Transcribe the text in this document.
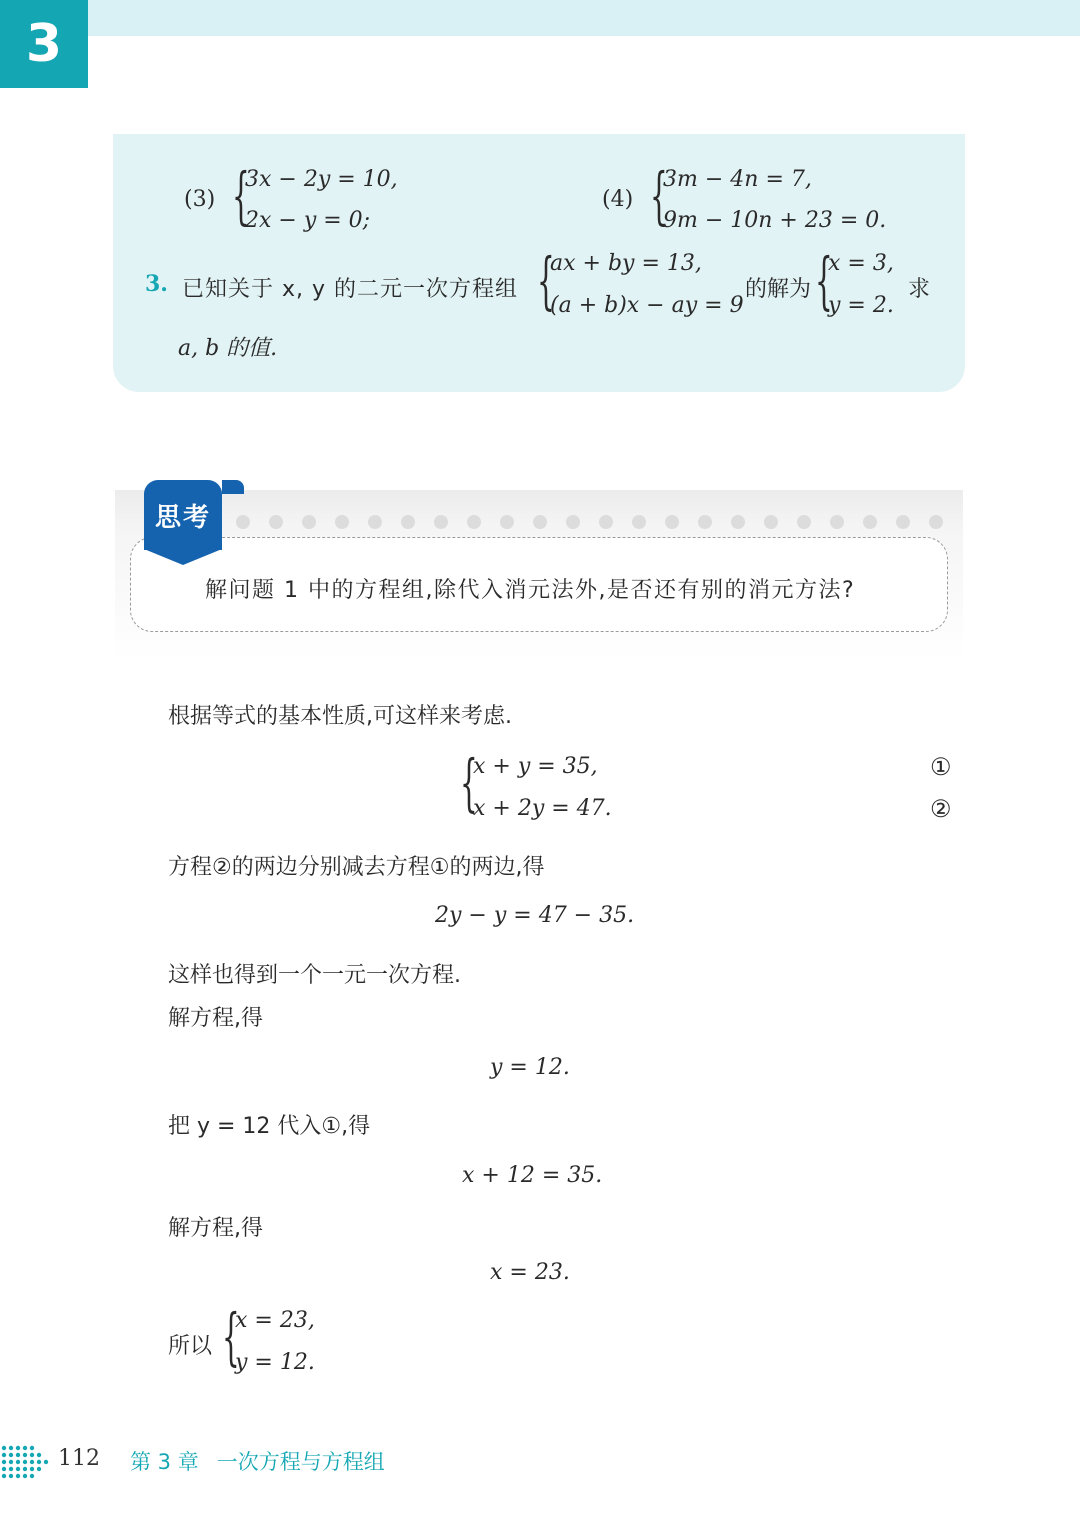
3
(3) {
3x − 2y = 10,
2x − y = 0;
(4) {
3m − 4n = 7,
9m − 10n + 23 = 0.
3. 已知关于 x, y 的二元一次方程组 {
ax + by = 13,
(a + b)x − ay = 9
的解为 {
x = 3,
y = 2.
求
a, b 的值.
思考
解问题 1 中的方程组,除代入消元法外,是否还有别的消元方法?
根据等式的基本性质,可这样来考虑.
{
x + y = 35,
x + 2y = 47.
①
②
方程②的两边分别减去方程①的两边,得
2y − y = 47 − 35.
这样也得到一个一元一次方程.
解方程,得
y = 12.
把 y = 12 代入①,得
x + 12 = 35.
解方程,得
x = 23.
所以 {
x = 23,
y = 12.
112 第 3 章 一次方程与方程组
